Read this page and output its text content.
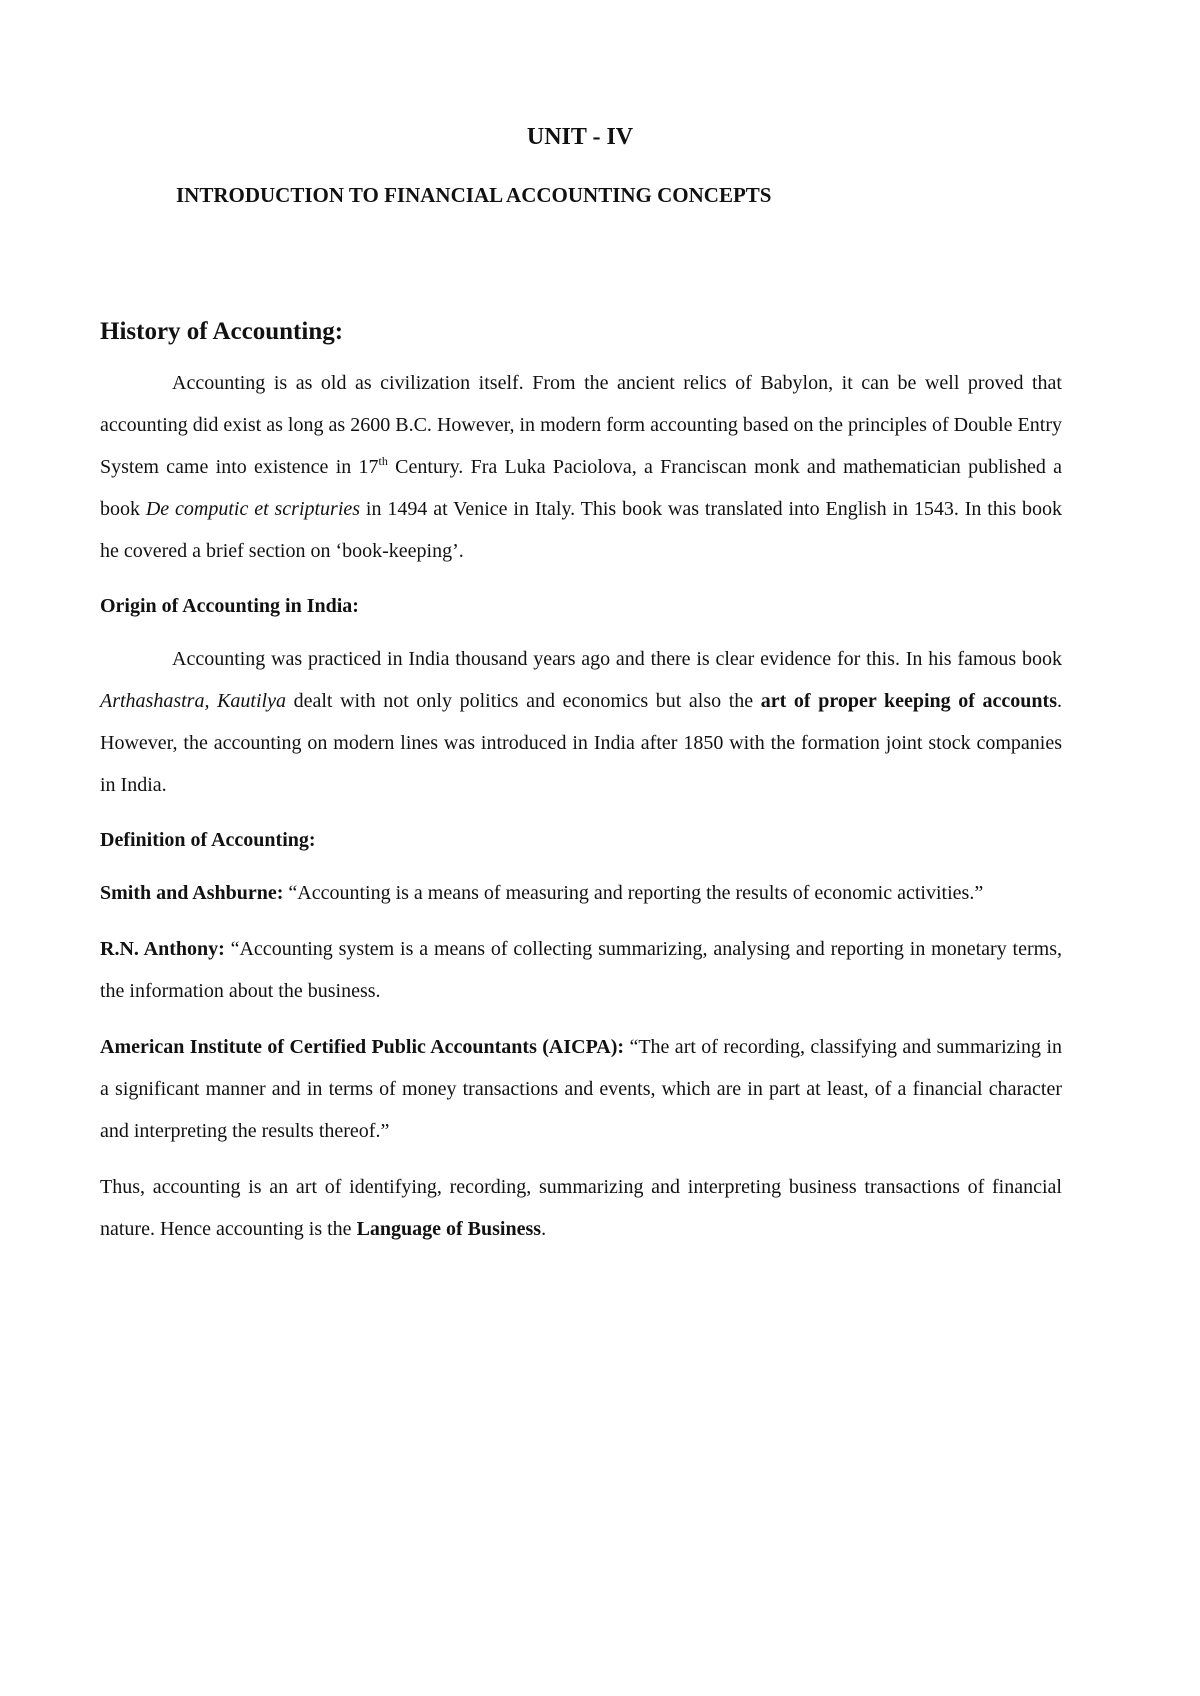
UNIT - IV
INTRODUCTION TO FINANCIAL ACCOUNTING CONCEPTS
History of Accounting:

Accounting is as old as civilization itself. From the ancient relics of Babylon, it can be well proved that accounting did exist as long as 2600 B.C. However, in modern form accounting based on the principles of Double Entry System came into existence in 17th Century. Fra Luka Paciolova, a Franciscan monk and mathematician published a book De computic et scripturies in 1494 at Venice in Italy. This book was translated into English in 1543. In this book he covered a brief section on ‘book-keeping’.

Origin of Accounting in India:

Accounting was practiced in India thousand years ago and there is clear evidence for this. In his famous book Arthashastra, Kautilya dealt with not only politics and economics but also the art of proper keeping of accounts. However, the accounting on modern lines was introduced in India after 1850 with the formation joint stock companies in India.

Definition of Accounting:

Smith and Ashburne: “Accounting is a means of measuring and reporting the results of economic activities.”

R.N. Anthony: “Accounting system is a means of collecting summarizing, analysing and reporting in monetary terms, the information about the business.

American Institute of Certified Public Accountants (AICPA): “The art of recording, classifying and summarizing in a significant manner and in terms of money transactions and events, which are in part at least, of a financial character and interpreting the results thereof.”

Thus, accounting is an art of identifying, recording, summarizing and interpreting business transactions of financial nature. Hence accounting is the Language of Business.
